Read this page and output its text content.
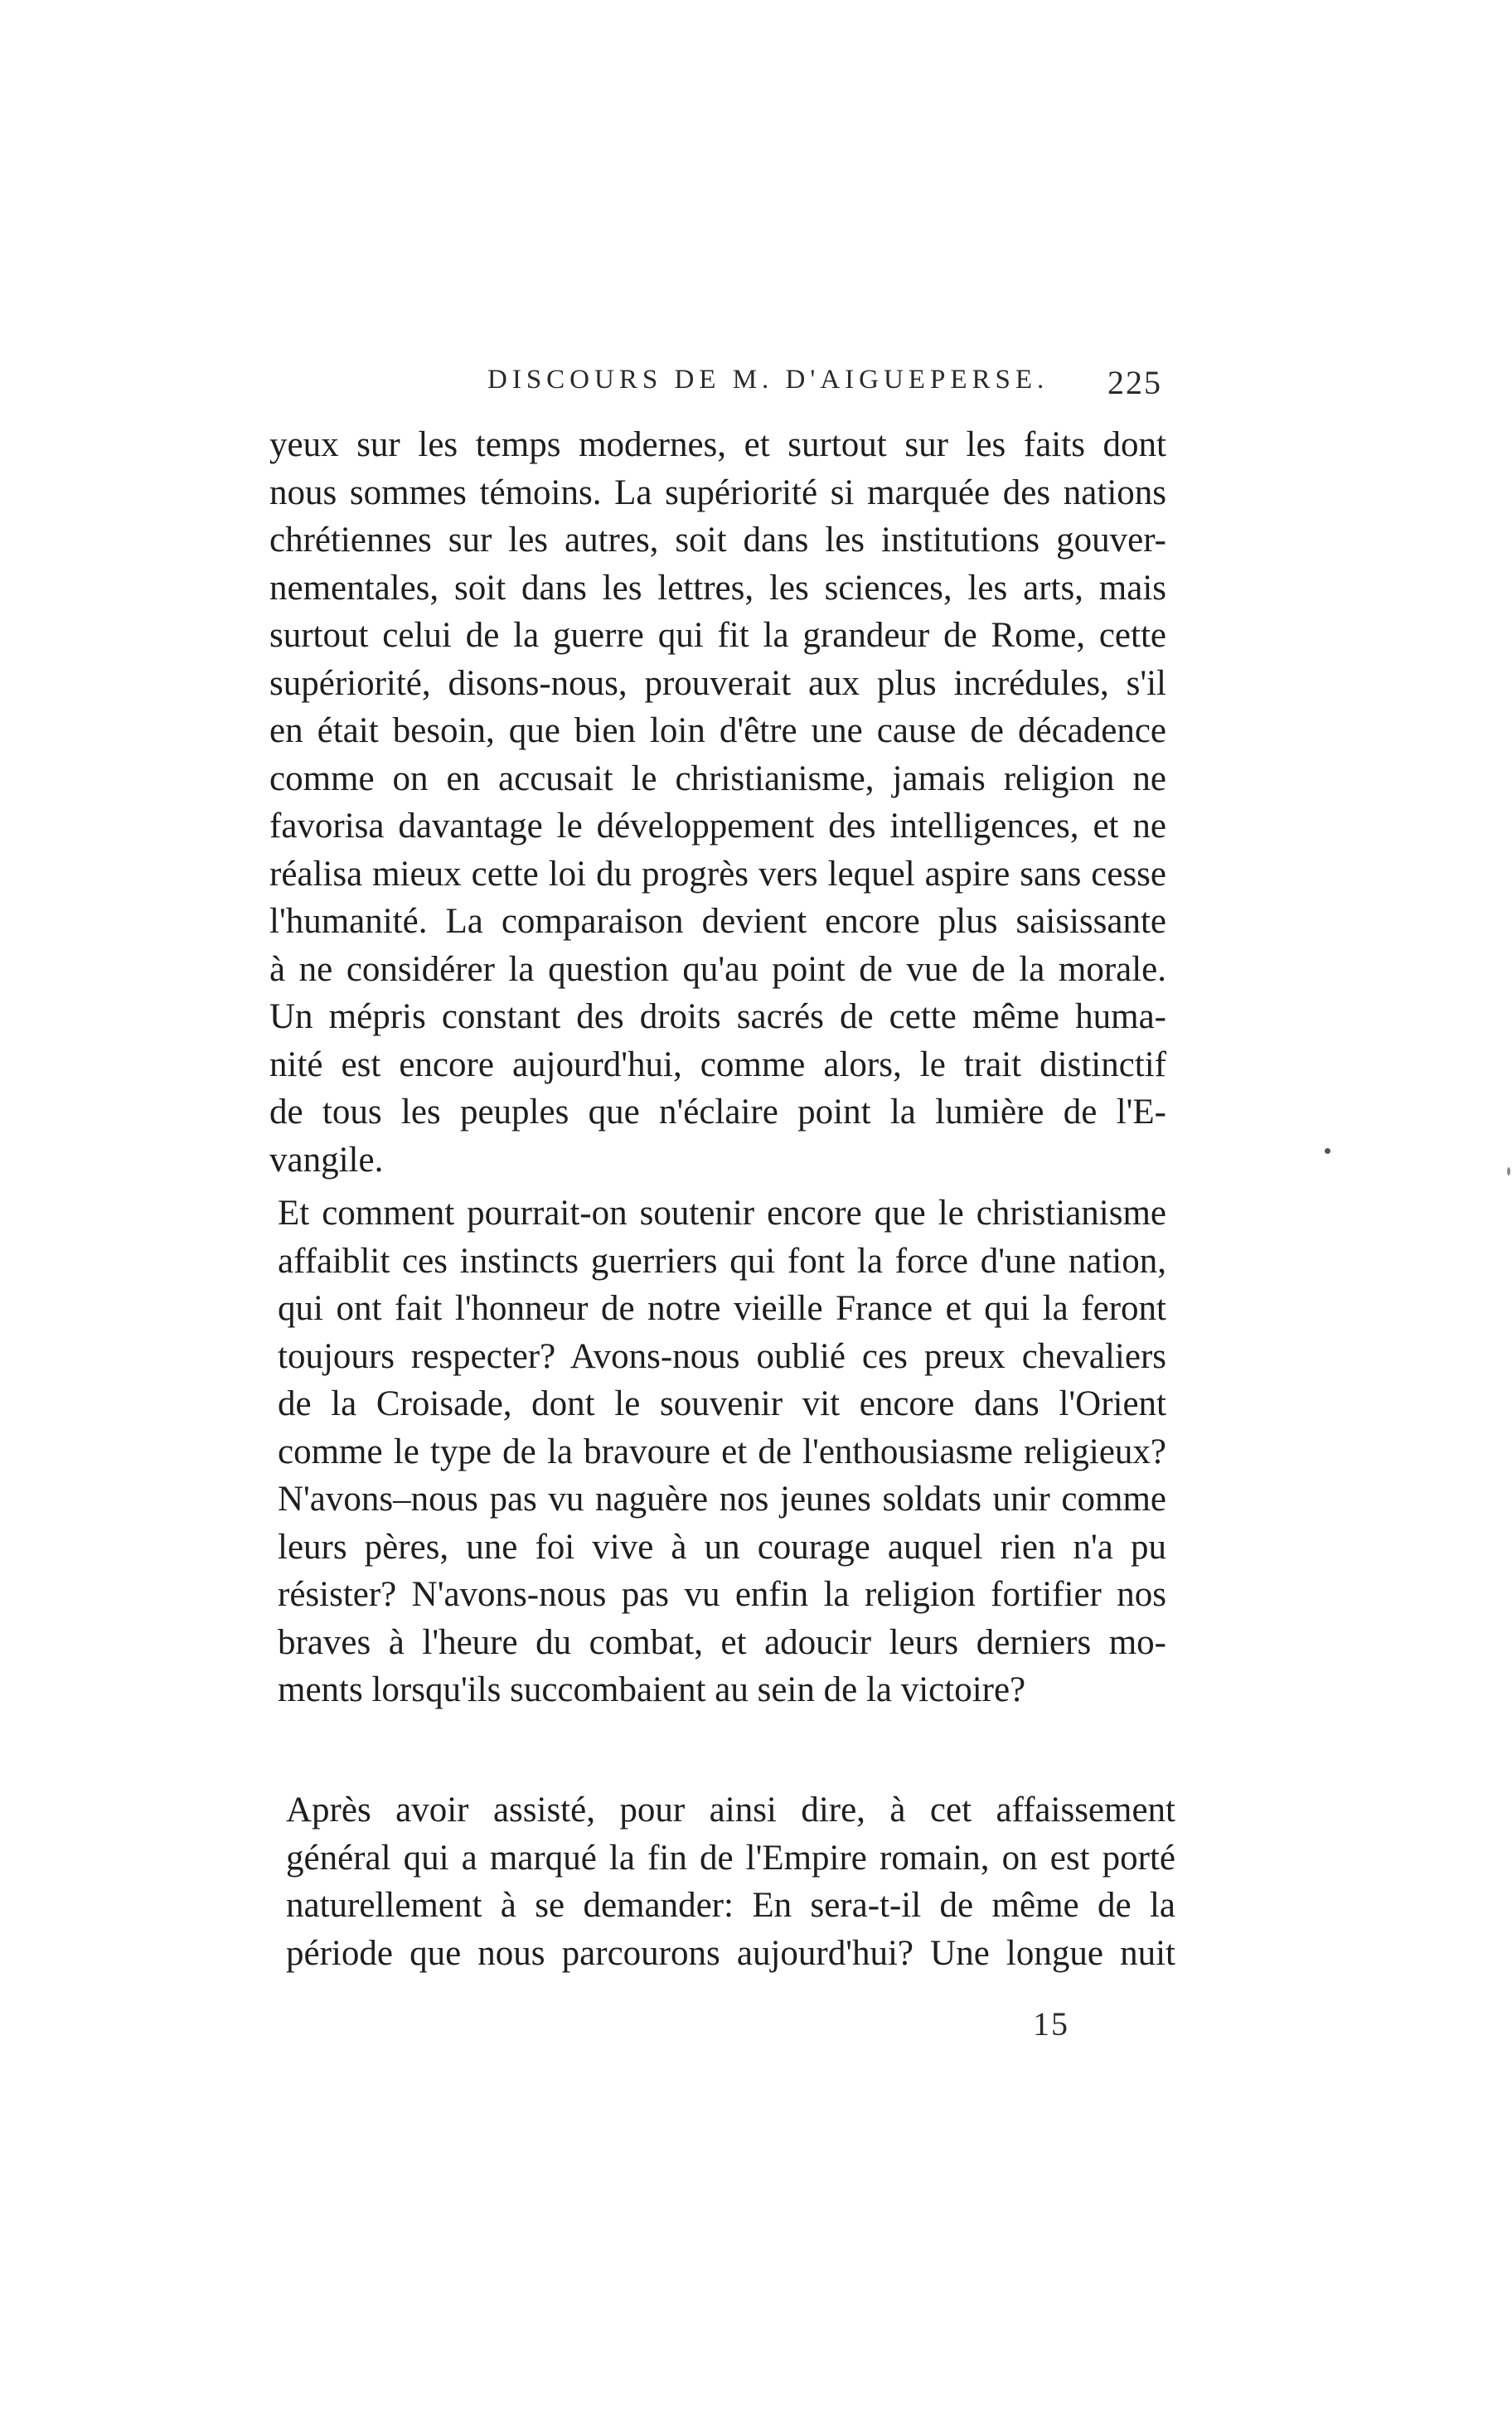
DISCOURS DE M. D'AIGUEPERSE.	225
yeux sur les temps modernes, et surtout sur les faits dont
nous sommes témoins. La supériorité si marquée des nations
chrétiennes sur les autres, soit dans les institutions gouver-
nementales, soit dans les lettres, les sciences, les arts, mais
surtout celui de la guerre qui fit la grandeur de Rome, cette
supériorité, disons-nous, prouverait aux plus incrédules, s'il
en était besoin, que bien loin d'être une cause de décadence
comme on en accusait le christianisme, jamais religion ne
favorisa davantage le développement des intelligences, et ne
réalisa mieux cette loi du progrès vers lequel aspire sans cesse
l'humanité. La comparaison devient encore plus saisissante
à ne considérer la question qu'au point de vue de la morale.
Un mépris constant des droits sacrés de cette même huma-
nité est encore aujourd'hui, comme alors, le trait distinctif
de tous les peuples que n'éclaire point la lumière de l'E-
vangile.
Et comment pourrait-on soutenir encore que le christianisme
affaiblit ces instincts guerriers qui font la force d'une nation,
qui ont fait l'honneur de notre vieille France et qui la feront
toujours respecter? Avons-nous oublié ces preux chevaliers
de la Croisade, dont le souvenir vit encore dans l'Orient
comme le type de la bravoure et de l'enthousiasme religieux?
N'avons–nous pas vu naguère nos jeunes soldats unir comme
leurs pères, une foi vive à un courage auquel rien n'a pu
résister? N'avons-nous pas vu enfin la religion fortifier nos
braves à l'heure du combat, et adoucir leurs derniers mo-
ments lorsqu'ils succombaient au sein de la victoire?
Après avoir assisté, pour ainsi dire, à cet affaissement
général qui a marqué la fin de l'Empire romain, on est porté
naturellement à se demander: En sera-t-il de même de la
période que nous parcourons aujourd'hui? Une longue nuit
15
